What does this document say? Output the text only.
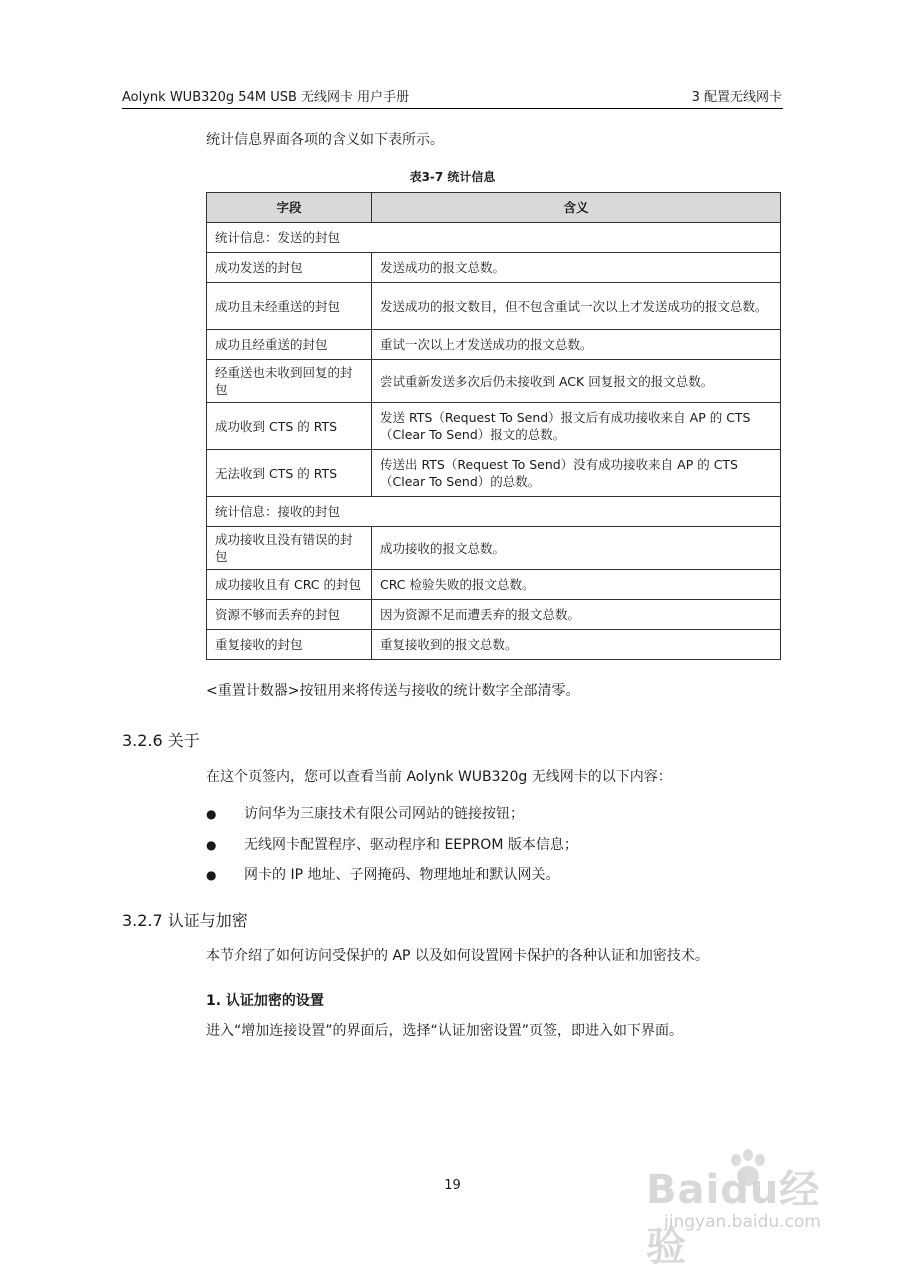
Aolynk WUB320g 54M USB 无线网卡 用户手册	3 配置无线网卡
统计信息界面各项的含义如下表所示。
表3-7 统计信息
字段	含义
统计信息：发送的封包	
成功发送的封包	发送成功的报文总数。
成功且未经重送的封包	发送成功的报文数目，但不包含重试一次以上才发送成功的报文总数。
成功且经重送的封包	重试一次以上才发送成功的报文总数。
经重送也未收到回复的封包	尝试重新发送多次后仍未接收到 ACK 回复报文的报文总数。
成功收到 CTS 的 RTS	发送 RTS（Request To Send）报文后有成功接收来自 AP 的 CTS（Clear To Send）报文的总数。
无法收到 CTS 的 RTS	传送出 RTS（Request To Send）没有成功接收来自 AP 的 CTS（Clear To Send）的总数。
统计信息：接收的封包	
成功接收且没有错误的封包	成功接收的报文总数。
成功接收且有 CRC 的封包	CRC 检验失败的报文总数。
资源不够而丢弃的封包	因为资源不足而遭丢弃的报文总数。
重复接收的封包	重复接收到的报文总数。
<重置计数器>按钮用来将传送与接收的统计数字全部清零。
3.2.6 关于
在这个页签内，您可以查看当前 Aolynk WUB320g 无线网卡的以下内容：
● 访问华为三康技术有限公司网站的链接按钮；
● 无线网卡配置程序、驱动程序和 EEPROM 版本信息；
● 网卡的 IP 地址、子网掩码、物理地址和默认网关。
3.2.7 认证与加密
本节介绍了如何访问受保护的 AP 以及如何设置网卡保护的各种认证和加密技术。
1. 认证加密的设置
进入“增加连接设置”的界面后，选择“认证加密设置”页签，即进入如下界面。
19	Baidu经验
jingyan.baidu.com
